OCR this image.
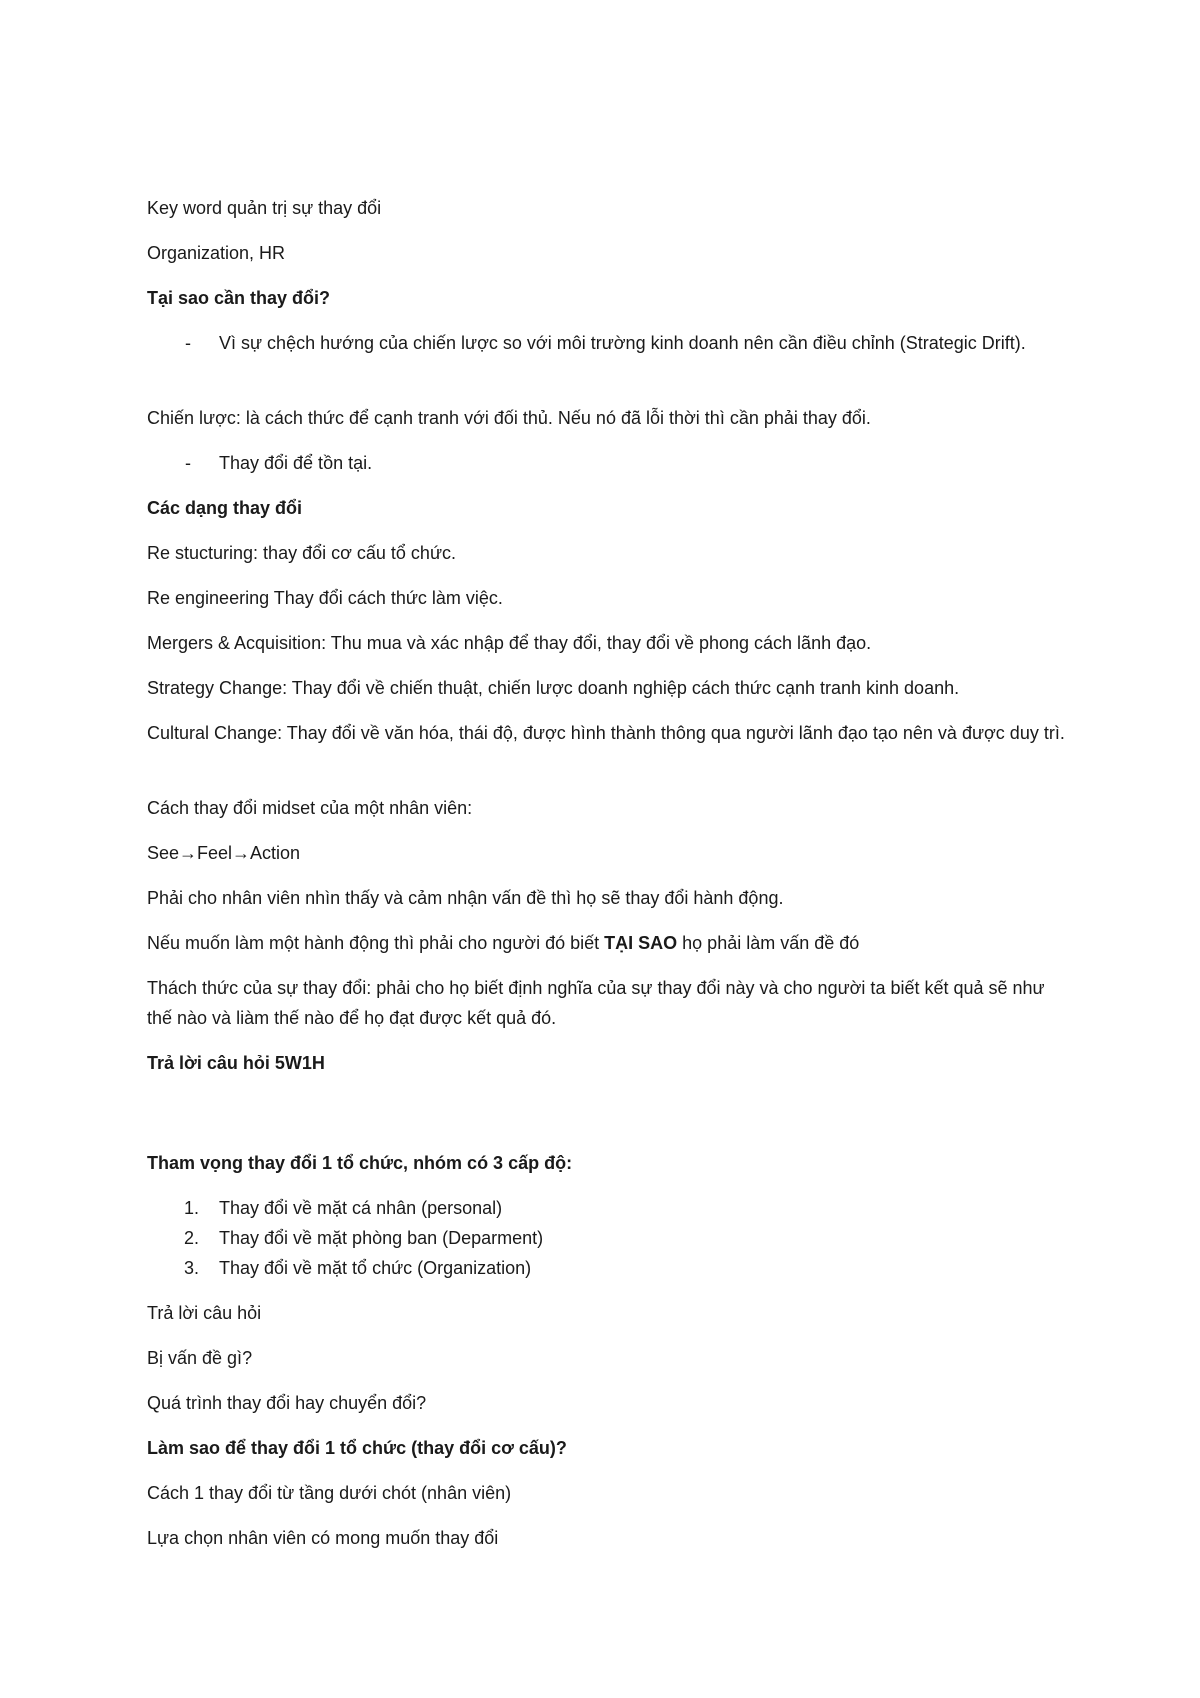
Key word quản trị sự thay đổi

Organization, HR

Tại sao cần thay đổi?

- Vì sự chệch hướng của chiến lược so với môi trường kinh doanh nên cần điều chỉnh (Strategic Drift).

Chiến lược: là cách thức để cạnh tranh với đối thủ. Nếu nó đã lỗi thời thì cần phải thay đổi.

- Thay đổi để tồn tại.

Các dạng thay đổi

Re stucturing: thay đổi cơ cấu tổ chức.

Re engineering Thay đổi cách thức làm việc.

Mergers & Acquisition: Thu mua và xác nhập để thay đổi, thay đổi về phong cách lãnh đạo.

Strategy Change: Thay đổi về chiến thuật, chiến lược doanh nghiệp cách thức cạnh tranh kinh doanh.

Cultural Change: Thay đổi về văn hóa, thái độ, được hình thành thông qua người lãnh đạo tạo nên và được duy trì.

Cách thay đổi midset của một nhân viên:

See→Feel→Action

Phải cho nhân viên nhìn thấy và cảm nhận vấn đề thì họ sẽ thay đổi hành động.

Nếu muốn làm một hành động thì phải cho người đó biết TẠI SAO họ phải làm vấn đề đó

Thách thức của sự thay đổi: phải cho họ biết định nghĩa của sự thay đổi này và cho người ta biết kết quả sẽ như thế nào và liàm thế nào để họ đạt được kết quả đó.

Trả lời câu hỏi 5W1H

Tham vọng thay đổi 1 tổ chức, nhóm có 3 cấp độ:

1. Thay đổi về mặt cá nhân (personal)
2. Thay đổi về mặt phòng ban (Deparment)
3. Thay đổi về mặt tổ chức (Organization)

Trả lời câu hỏi

Bị vấn đề gì?

Quá trình thay đổi hay chuyển đổi?

Làm sao để thay đổi 1 tổ chức (thay đổi cơ cấu)?

Cách 1 thay đổi từ tầng dưới chót (nhân viên)

Lựa chọn nhân viên có mong muốn thay đổi
